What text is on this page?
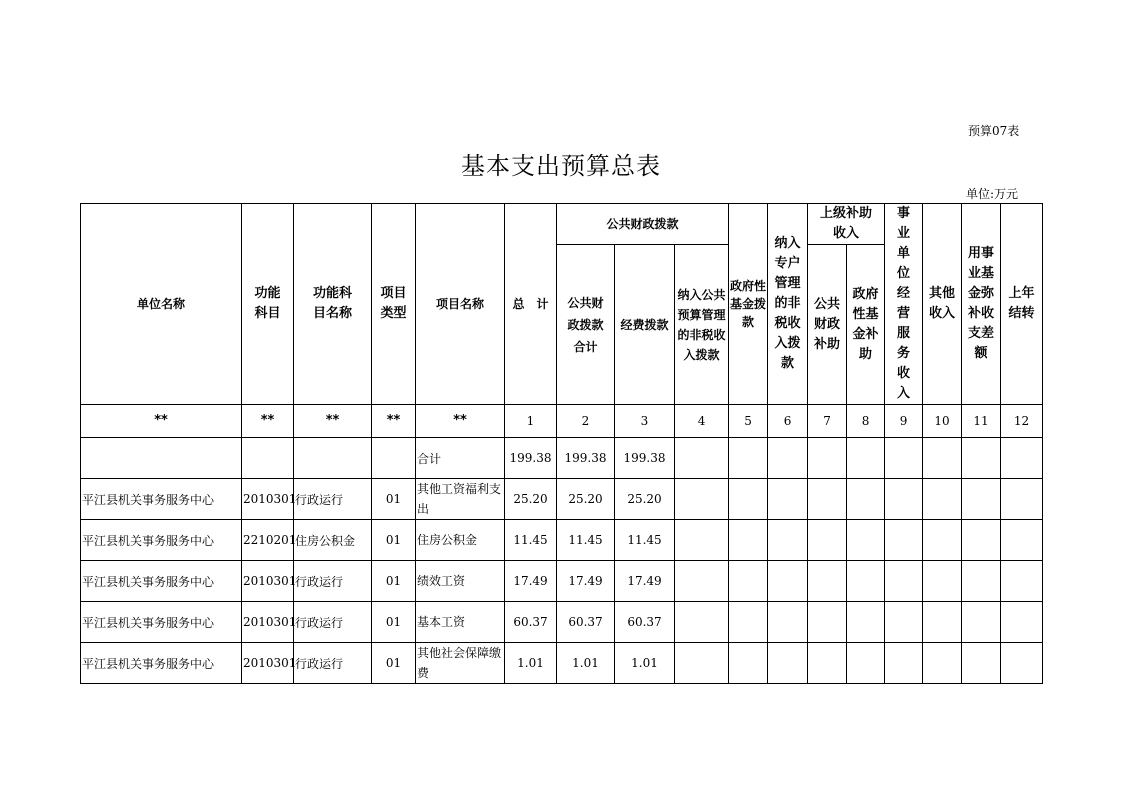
预算07表
基本支出预算总表
单位:万元
单位名称	功能科目	功能科目名称	项目类型	项目名称	总　计	公共财政拨款			政府性基金拨款	纳入专户管理的非税收入拨款	上级补助收入		事业单位经营服务收入	其他收入	用事业基金弥补收支差额	上年结转
						公共财政拨款合计	经费拨款	纳入公共预算管理的非税收入拨款			公共财政补助	政府性基金补助				

**	**	**	**	**	1	2	3	4	5	6	7	8	9	10	11	12
				合计	199.38	199.38	199.38									
平江县机关事务服务中心	2010301	行政运行	01	其他工资福利支出	25.20	25.20	25.20									
平江县机关事务服务中心	2210201	住房公积金	01	住房公积金	11.45	11.45	11.45									
平江县机关事务服务中心	2010301	行政运行	01	绩效工资	17.49	17.49	17.49									
平江县机关事务服务中心	2010301	行政运行	01	基本工资	60.37	60.37	60.37									
平江县机关事务服务中心	2010301	行政运行	01	其他社会保障缴费	1.01	1.01	1.01									
